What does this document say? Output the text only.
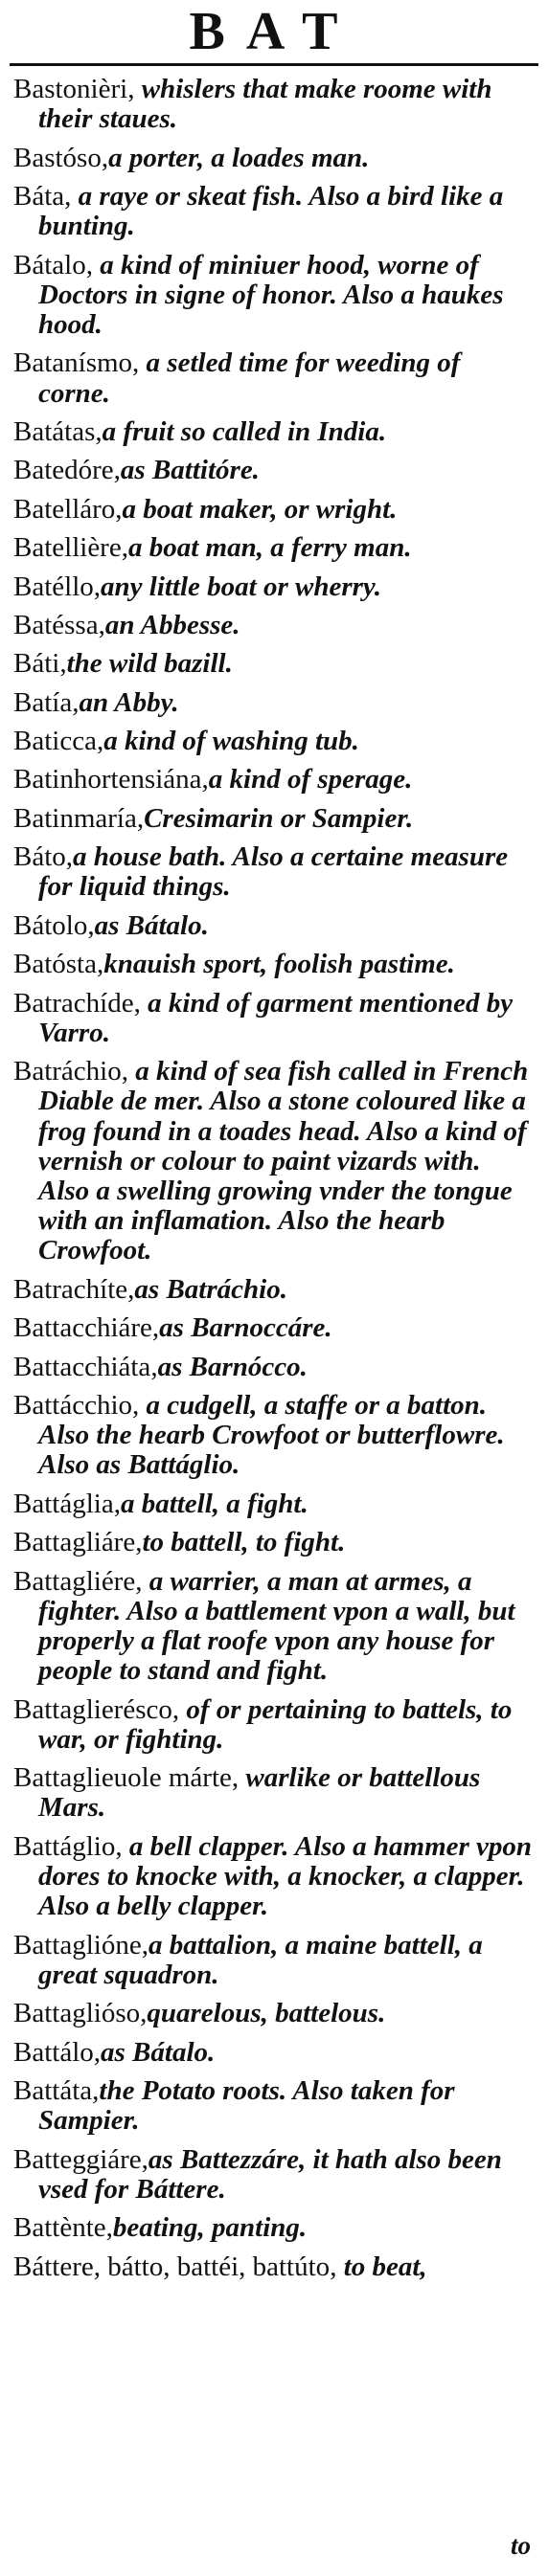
BAT
Bastonièri, whislers that make roome with their staues.
Bastóso,a porter, a loades man.
Báta, a raye or skeat fish. Also a bird like a bunting.
Bátalo, a kind of miniuer hood, worne of Doctors in signe of honor. Also a haukes hood.
Batanísmo, a setled time for weeding of corne.
Batátas,a fruit so called in India.
Batedóre,as Battitóre.
Batelláro,a boat maker, or wright.
Batellière,a boat man, a ferry man.
Batéllo,any little boat or wherry.
Batéssa,an Abbesse.
Báti,the wild bazill.
Batía,an Abby.
Baticca,a kind of washing tub.
Batinhortensiána,a kind of sperage.
Batinmaría,Cresimarin or Sampier.
Báto,a house bath. Also a certaine measure for liquid things.
Bátolo,as Bátalo.
Batósta,knauish sport, foolish pastime.
Batrachíde, a kind of garment mentioned by Varro.
Batráchio, a kind of sea fish called in French Diable de mer. Also a stone coloured like a frog found in a toades head. Also a kind of vernish or colour to paint vizards with. Also a swelling growing vnder the tongue with an inflamation. Also the hearb Crowfoot.
Batrachíte,as Batráchio.
Battacchiáre,as Barnoccáre.
Battacchiáta,as Barnócco.
Battácchio, a cudgell, a staffe or a batton. Also the hearb Crowfoot or butterflowre. Also as Battáglio.
Battáglia,a battell, a fight.
Battagliáre,to battell, to fight.
Battagliére, a warrier, a man at armes, a fighter. Also a battlement vpon a wall, but properly a flat roofe vpon any house for people to stand and fight.
Battaglierésco, of or pertaining to battels, to war, or fighting.
Battaglieuole márte, warlike or battellous Mars.
Battáglio, a bell clapper. Also a hammer vpon dores to knocke with, a knocker, a clapper. Also a belly clapper.
Battaglióne,a battalion, a maine battell, a great squadron.
Battaglióso,quarelous, battelous.
Battálo,as Bátalo.
Battáta,the Potato roots. Also taken for Sampier.
Batteggiáre,as Battezzáre, it hath also been vsed for Báttere.
Battènte,beating, panting.
Báttere, bátto, battéi, battúto, to beat,
to
